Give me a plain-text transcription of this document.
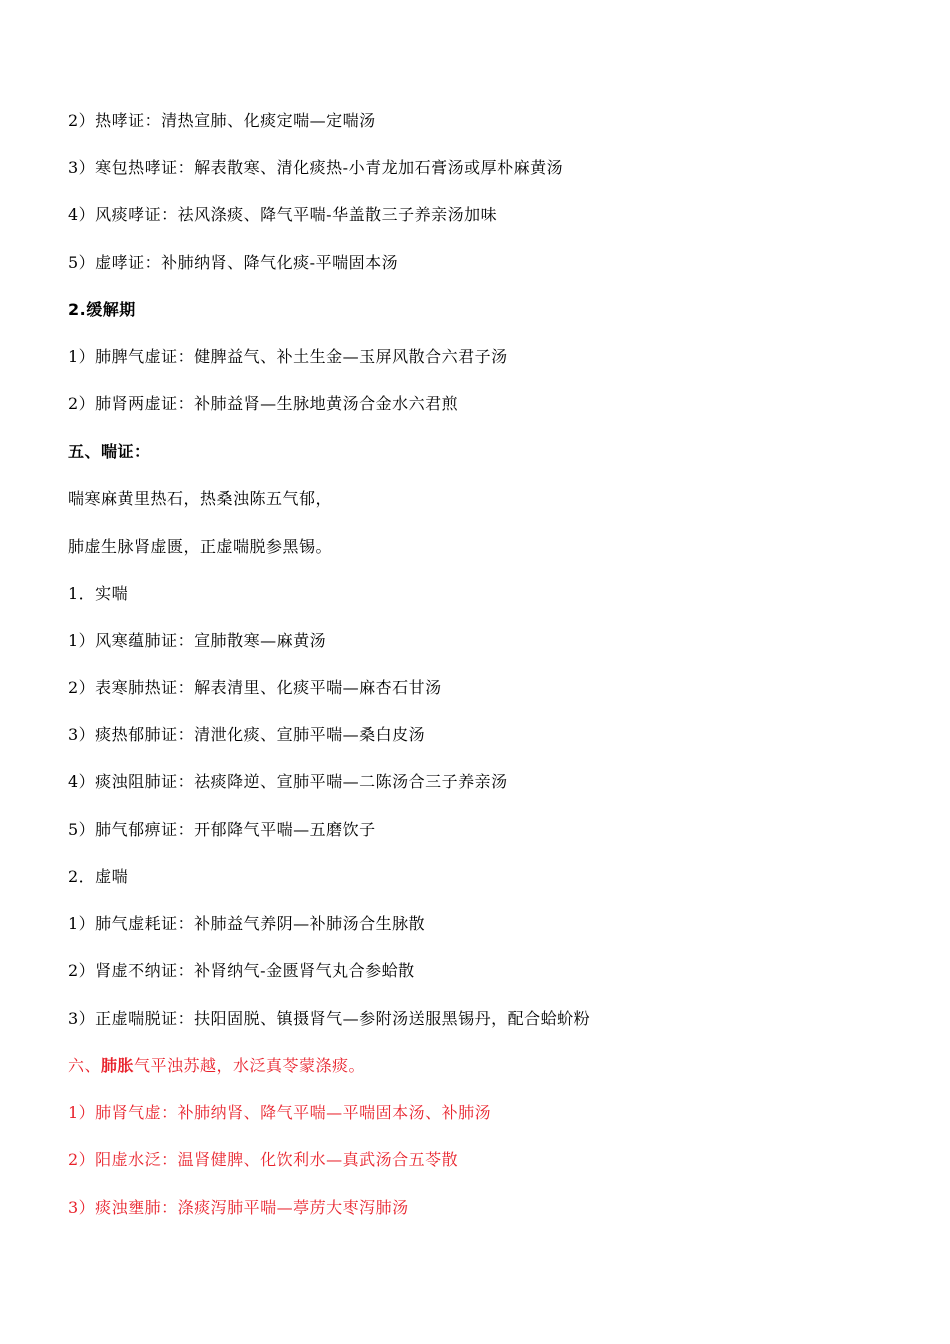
2）热哮证：清热宣肺、化痰定喘—定喘汤
3）寒包热哮证：解表散寒、清化痰热-小青龙加石膏汤或厚朴麻黄汤
4）风痰哮证：祛风涤痰、降气平喘-华盖散三子养亲汤加味
5）虚哮证：补肺纳肾、降气化痰-平喘固本汤
2.缓解期
1）肺脾气虚证：健脾益气、补土生金—玉屏风散合六君子汤
2）肺肾两虚证：补肺益肾—生脉地黄汤合金水六君煎
五、喘证：
喘寒麻黄里热石，热桑浊陈五气郁，
肺虚生脉肾虚匮，正虚喘脱参黑锡。
1．实喘
1）风寒蕴肺证：宣肺散寒—麻黄汤
2）表寒肺热证：解表清里、化痰平喘—麻杏石甘汤
3）痰热郁肺证：清泄化痰、宣肺平喘—桑白皮汤
4）痰浊阻肺证：祛痰降逆、宣肺平喘—二陈汤合三子养亲汤
5）肺气郁痹证：开郁降气平喘—五磨饮子
2．虚喘
1）肺气虚耗证：补肺益气养阴—补肺汤合生脉散
2）肾虚不纳证：补肾纳气-金匮肾气丸合参蛤散
3）正虚喘脱证：扶阳固脱、镇摄肾气—参附汤送服黑锡丹，配合蛤蚧粉
六、肺胀气平浊苏越，水泛真苓蒙涤痰。
1）肺肾气虚：补肺纳肾、降气平喘—平喘固本汤、补肺汤
2）阳虚水泛：温肾健脾、化饮利水—真武汤合五苓散
3）痰浊壅肺：涤痰泻肺平喘—葶苈大枣泻肺汤
